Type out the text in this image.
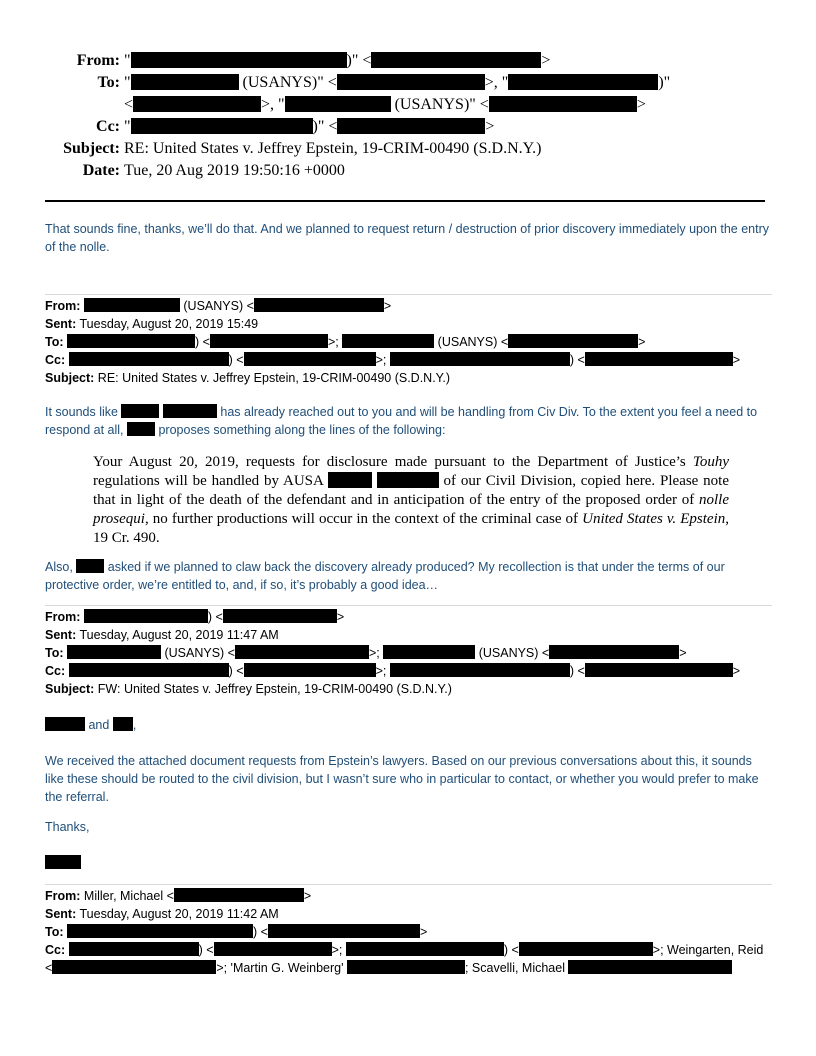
From: "	)" <	>
To: "	(USANYS)" <	>, "	)"
<	>, "	(USANYS)" <	>
Cc: "	)" <	>
Subject: RE: United States v. Jeffrey Epstein, 19-CRIM-00490 (S.D.N.Y.)
Date: Tue, 20 Aug 2019 19:50:16 +0000
That sounds fine, thanks, we’ll do that. And we planned to request return / destruction of prior discovery immediately upon the entry of the nolle.
From:	(USANYS) <	>
Sent: Tuesday, August 20, 2019 15:49
To:	) <	>;	(USANYS) <	>
Cc:	) <	>;	) <	>
Subject: RE: United States v. Jeffrey Epstein, 19-CRIM-00490 (S.D.N.Y.)
It sounds like	has already reached out to you and will be handling from Civ Div. To the extent you feel a need to respond at all,  proposes something along the lines of the following:
Your August 20, 2019, requests for disclosure made pursuant to the Department of Justice’s Touhy regulations will be handled by AUSA	of our Civil Division, copied here. Please note that in light of the death of the defendant and in anticipation of the entry of the proposed order of nolle prosequi, no further productions will occur in the context of the criminal case of United States v. Epstein, 19 Cr. 490.
Also,  asked if we planned to claw back the discovery already produced? My recollection is that under the terms of our protective order, we’re entitled to, and, if so, it’s probably a good idea…
From:	) <	>
Sent: Tuesday, August 20, 2019 11:47 AM
To:	(USANYS) <	>;	(USANYS) <	>
Cc:	) <	>;	) <	>
Subject: FW: United States v. Jeffrey Epstein, 19-CRIM-00490 (S.D.N.Y.)
and ,
We received the attached document requests from Epstein’s lawyers. Based on our previous conversations about this, it sounds like these should be routed to the civil division, but I wasn’t sure who in particular to contact, or whether you would prefer to make the referral.
Thanks,
From: Miller, Michael <	>
Sent: Tuesday, August 20, 2019 11:42 AM
To:	) <	>
Cc:	) <	>;	) <	>; Weingarten, Reid
<	>; 'Martin G. Weinberg'	; Scavelli, Michael
